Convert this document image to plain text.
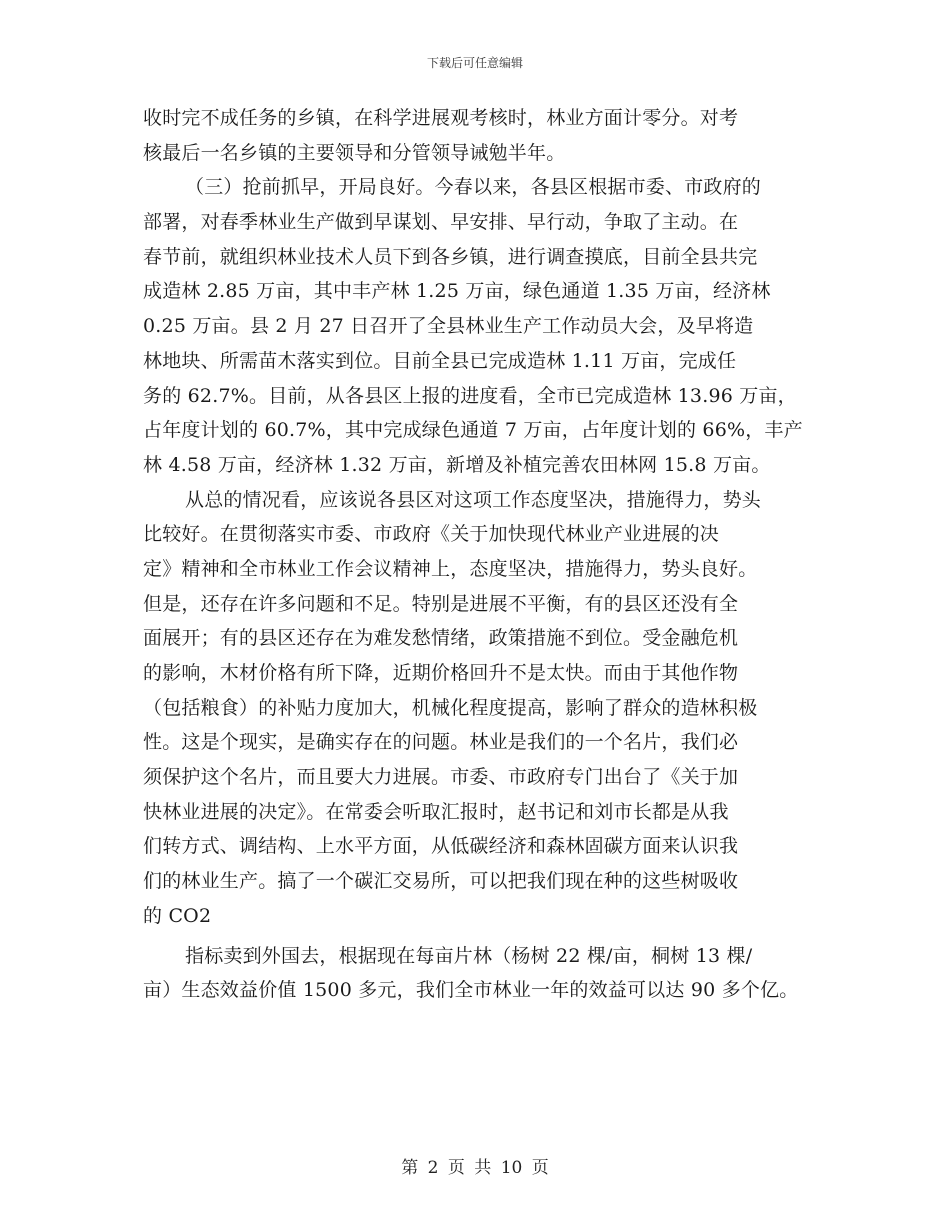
下载后可任意编辑
收时完不成任务的乡镇，在科学进展观考核时，林业方面计零分。对考
核最后一名乡镇的主要领导和分管领导诫勉半年。
（三）抢前抓早，开局良好。今春以来，各县区根据市委、市政府的
部署，对春季林业生产做到早谋划、早安排、早行动，争取了主动。在
春节前，就组织林业技术人员下到各乡镇，进行调查摸底，目前全县共完
成造林 2.85 万亩，其中丰产林 1.25 万亩，绿色通道 1.35 万亩，经济林
0.25 万亩。县 2 月 27 日召开了全县林业生产工作动员大会，及早将造
林地块、所需苗木落实到位。目前全县已完成造林 1.11 万亩，完成任
务的 62.7%。目前，从各县区上报的进度看，全市已完成造林 13.96 万亩，
占年度计划的 60.7%，其中完成绿色通道 7 万亩，占年度计划的 66%，丰产
林 4.58 万亩，经济林 1.32 万亩，新增及补植完善农田林网 15.8 万亩。
从总的情况看，应该说各县区对这项工作态度坚决，措施得力，势头
比较好。在贯彻落实市委、市政府《关于加快现代林业产业进展的决
定》精神和全市林业工作会议精神上，态度坚决，措施得力，势头良好。
但是，还存在许多问题和不足。特别是进展不平衡，有的县区还没有全
面展开；有的县区还存在为难发愁情绪，政策措施不到位。受金融危机
的影响，木材价格有所下降，近期价格回升不是太快。而由于其他作物
（包括粮食）的补贴力度加大，机械化程度提高，影响了群众的造林积极
性。这是个现实，是确实存在的问题。林业是我们的一个名片，我们必
须保护这个名片，而且要大力进展。市委、市政府专门出台了《关于加
快林业进展的决定》。在常委会听取汇报时，赵书记和刘市长都是从我
们转方式、调结构、上水平方面，从低碳经济和森林固碳方面来认识我
们的林业生产。搞了一个碳汇交易所，可以把我们现在种的这些树吸收
的 CO2
指标卖到外国去，根据现在每亩片林（杨树 22 棵/亩，桐树 13 棵/
亩）生态效益价值 1500 多元，我们全市林业一年的效益可以达 90 多个亿。
第 2 页 共 10 页
